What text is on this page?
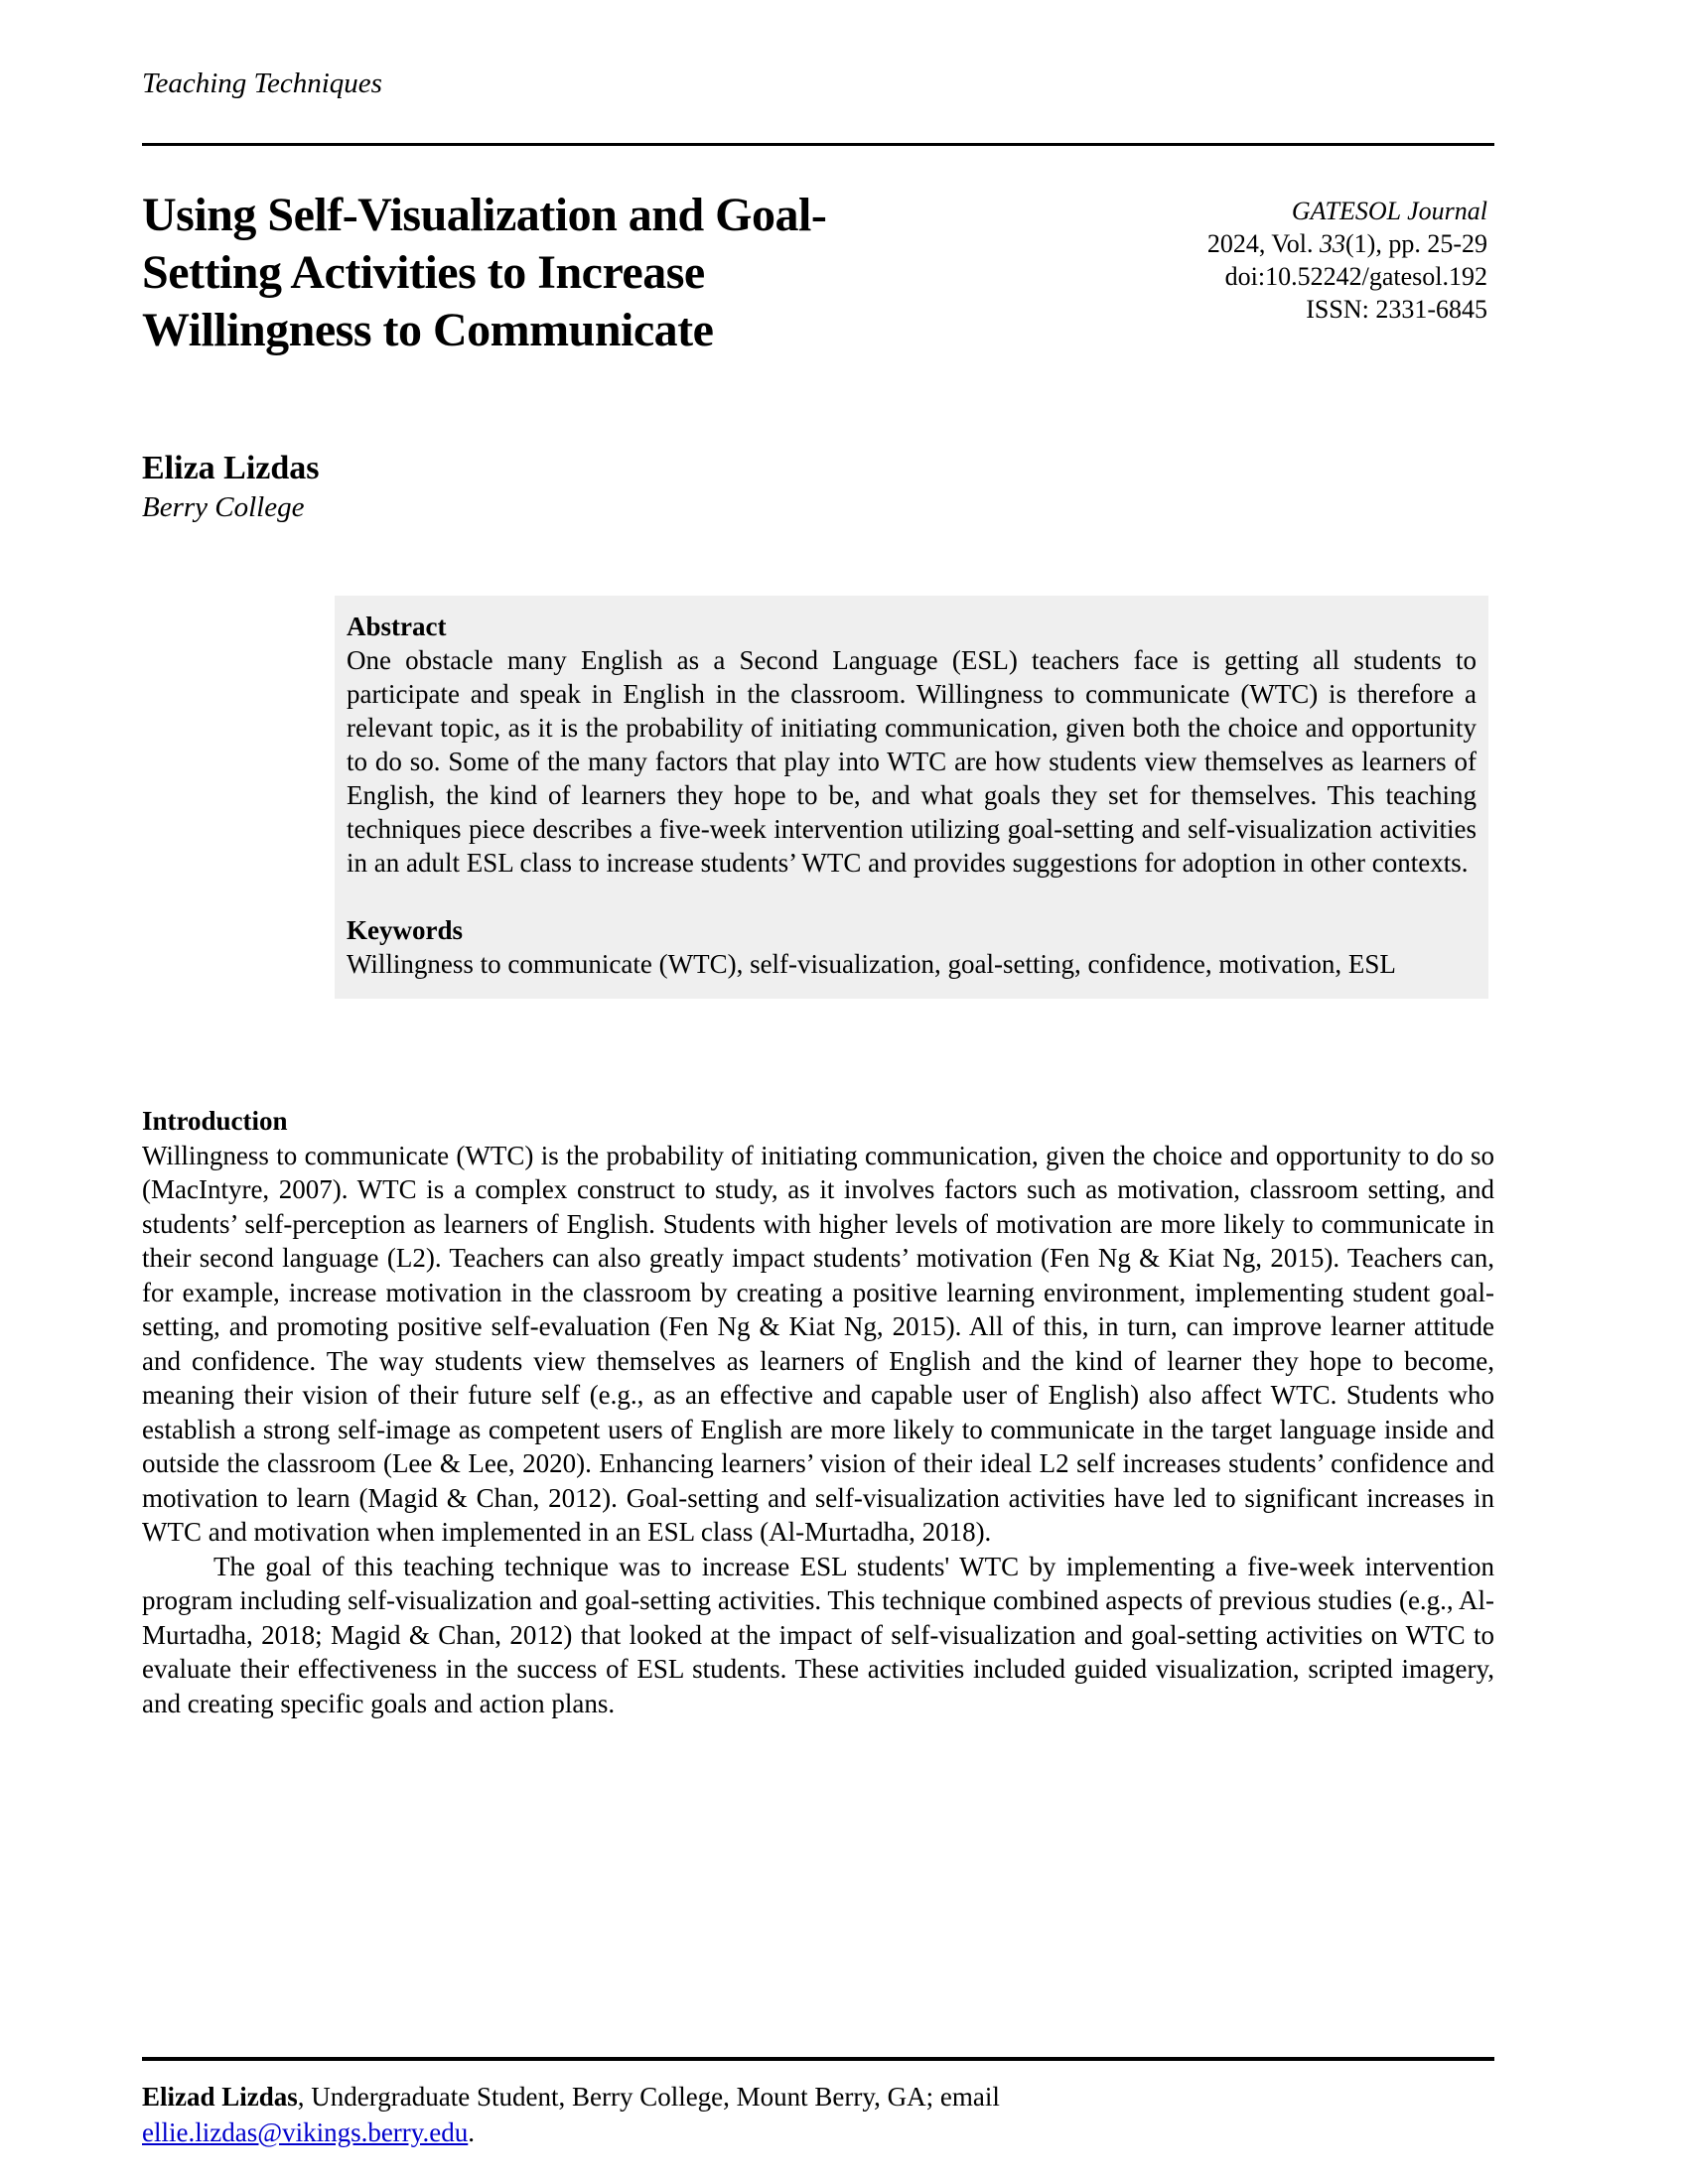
Teaching Techniques
Using Self-Visualization and Goal-
Setting Activities to Increase
Willingness to Communicate
GATESOL Journal
2024, Vol. 33(1), pp. 25-29
doi:10.52242/gatesol.192
ISSN: 2331-6845
Eliza Lizdas
Berry College
Abstract

One obstacle many English as a Second Language (ESL) teachers face is getting all students to participate and speak in English in the classroom. Willingness to communicate (WTC) is therefore a relevant topic, as it is the probability of initiating communication, given both the choice and opportunity to do so. Some of the many factors that play into WTC are how students view themselves as learners of English, the kind of learners they hope to be, and what goals they set for themselves. This teaching techniques piece describes a five-week intervention utilizing goal-setting and self-visualization activities in an adult ESL class to increase students’ WTC and provides suggestions for adoption in other contexts.

Keywords

Willingness to communicate (WTC), self-visualization, goal-setting, confidence, motivation, ESL

Introduction

Willingness to communicate (WTC) is the probability of initiating communication, given the choice and opportunity to do so (MacIntyre, 2007). WTC is a complex construct to study, as it involves factors such as motivation, classroom setting, and students’ self-perception as learners of English. Students with higher levels of motivation are more likely to communicate in their second language (L2). Teachers can also greatly impact students’ motivation (Fen Ng & Kiat Ng, 2015). Teachers can, for example, increase motivation in the classroom by creating a positive learning environment, implementing student goal-setting, and promoting positive self-evaluation (Fen Ng & Kiat Ng, 2015). All of this, in turn, can improve learner attitude and confidence. The way students view themselves as learners of English and the kind of learner they hope to become, meaning their vision of their future self (e.g., as an effective and capable user of English) also affect WTC. Students who establish a strong self-image as competent users of English are more likely to communicate in the target language inside and outside the classroom (Lee & Lee, 2020). Enhancing learners’ vision of their ideal L2 self increases students’ confidence and motivation to learn (Magid & Chan, 2012). Goal-setting and self-visualization activities have led to significant increases in WTC and motivation when implemented in an ESL class (Al-Murtadha, 2018).

The goal of this teaching technique was to increase ESL students' WTC by implementing a five-week intervention program including self-visualization and goal-setting activities. This technique combined aspects of previous studies (e.g., Al-Murtadha, 2018; Magid & Chan, 2012) that looked at the impact of self-visualization and goal-setting activities on WTC to evaluate their effectiveness in the success of ESL students. These activities included guided visualization, scripted imagery, and creating specific goals and action plans.

Elizad Lizdas, Undergraduate Student, Berry College, Mount Berry, GA; email
ellie.lizdas@vikings.berry.edu.
